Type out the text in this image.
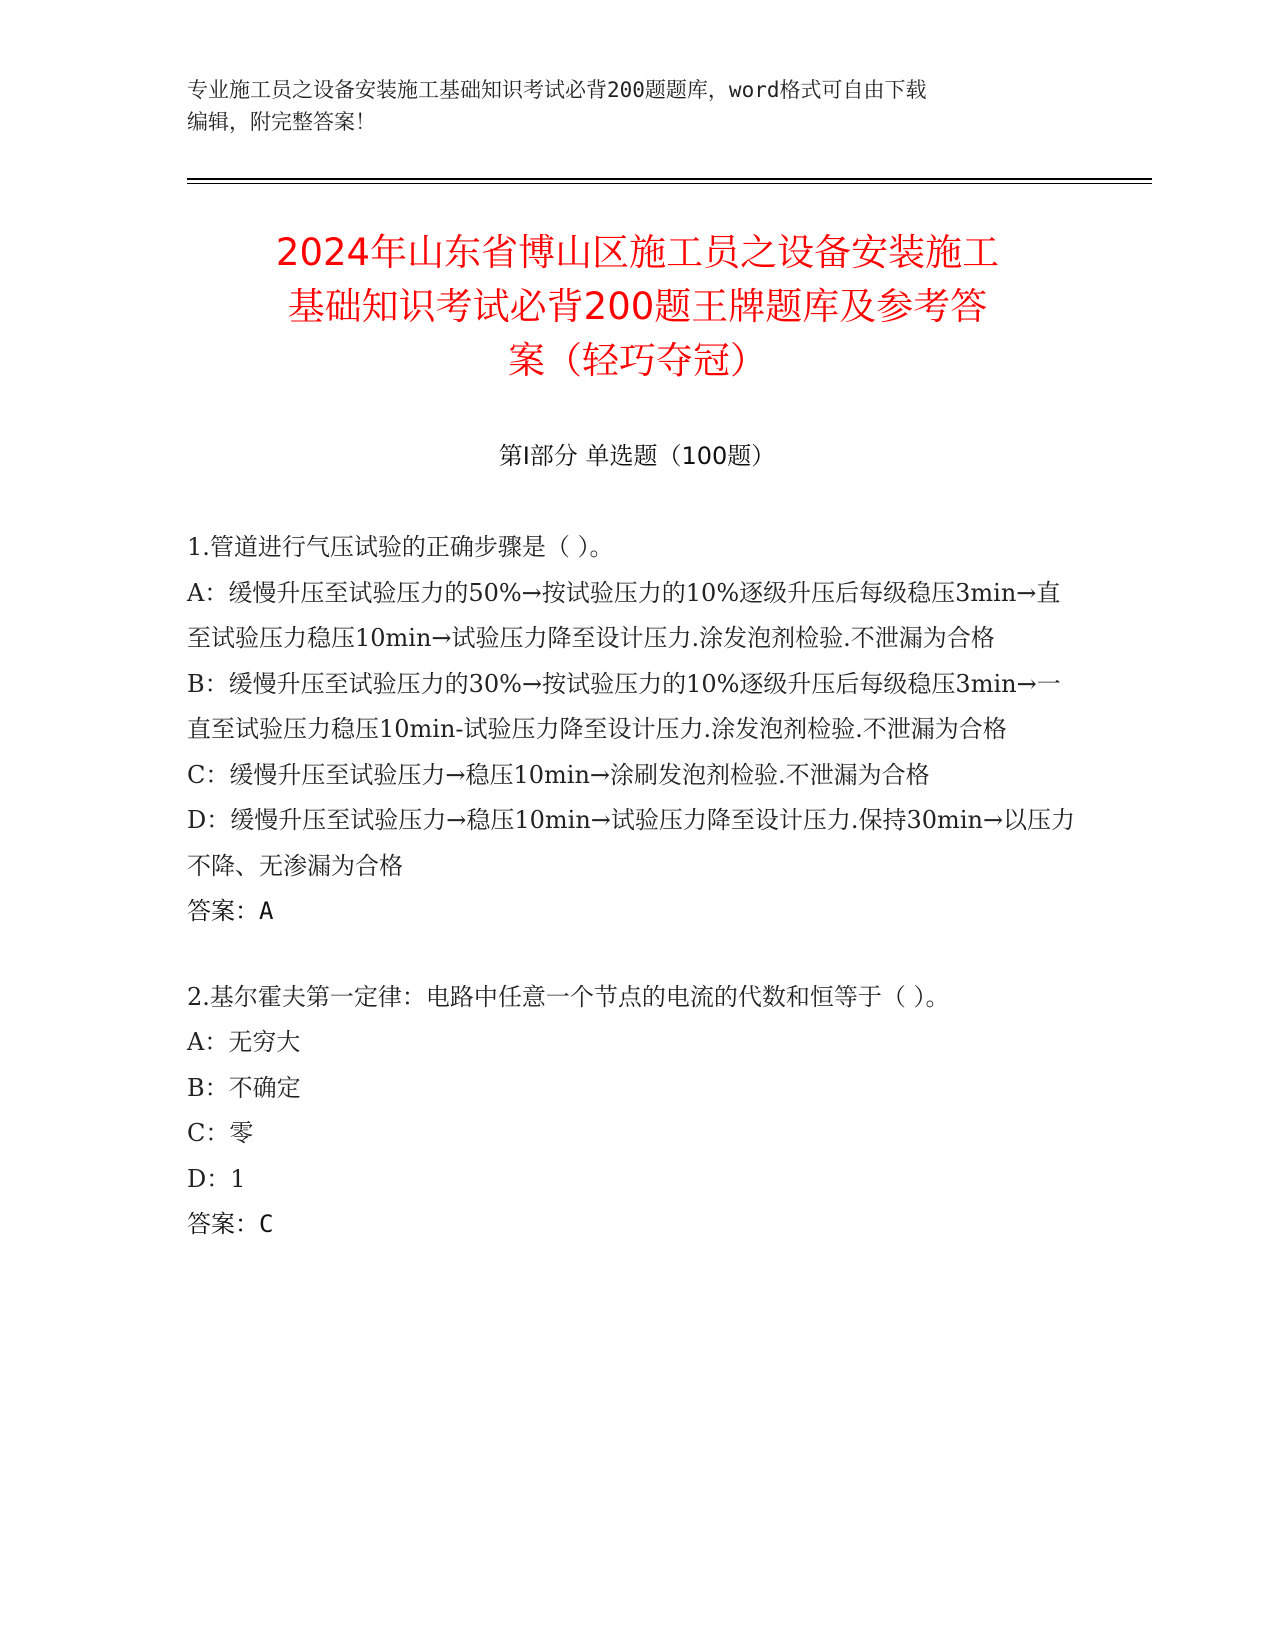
专业施工员之设备安装施工基础知识考试必背200题题库，word格式可自由下载
编辑，附完整答案！
2024年山东省博山区施工员之设备安装施工
基础知识考试必背200题王牌题库及参考答
案（轻巧夺冠）
第Ⅰ部分 单选题（100题）

1.管道进行气压试验的正确步骤是（ ）。

A：缓慢升压至试验压力的50%→按试验压力的10%逐级升压后每级稳压3min→直至试验压力稳压10min→试验压力降至设计压力.涂发泡剂检验.不泄漏为合格

B：缓慢升压至试验压力的30%→按试验压力的10%逐级升压后每级稳压3min→一直至试验压力稳压10min-试验压力降至设计压力.涂发泡剂检验.不泄漏为合格

C：缓慢升压至试验压力→稳压10min→涂刷发泡剂检验.不泄漏为合格

D：缓慢升压至试验压力→稳压10min→试验压力降至设计压力.保持30min→以压力不降、无渗漏为合格

答案：A

2.基尔霍夫第一定律：电路中任意一个节点的电流的代数和恒等于（ ）。

A：无穷大

B：不确定

C：零

D：1

答案：C
